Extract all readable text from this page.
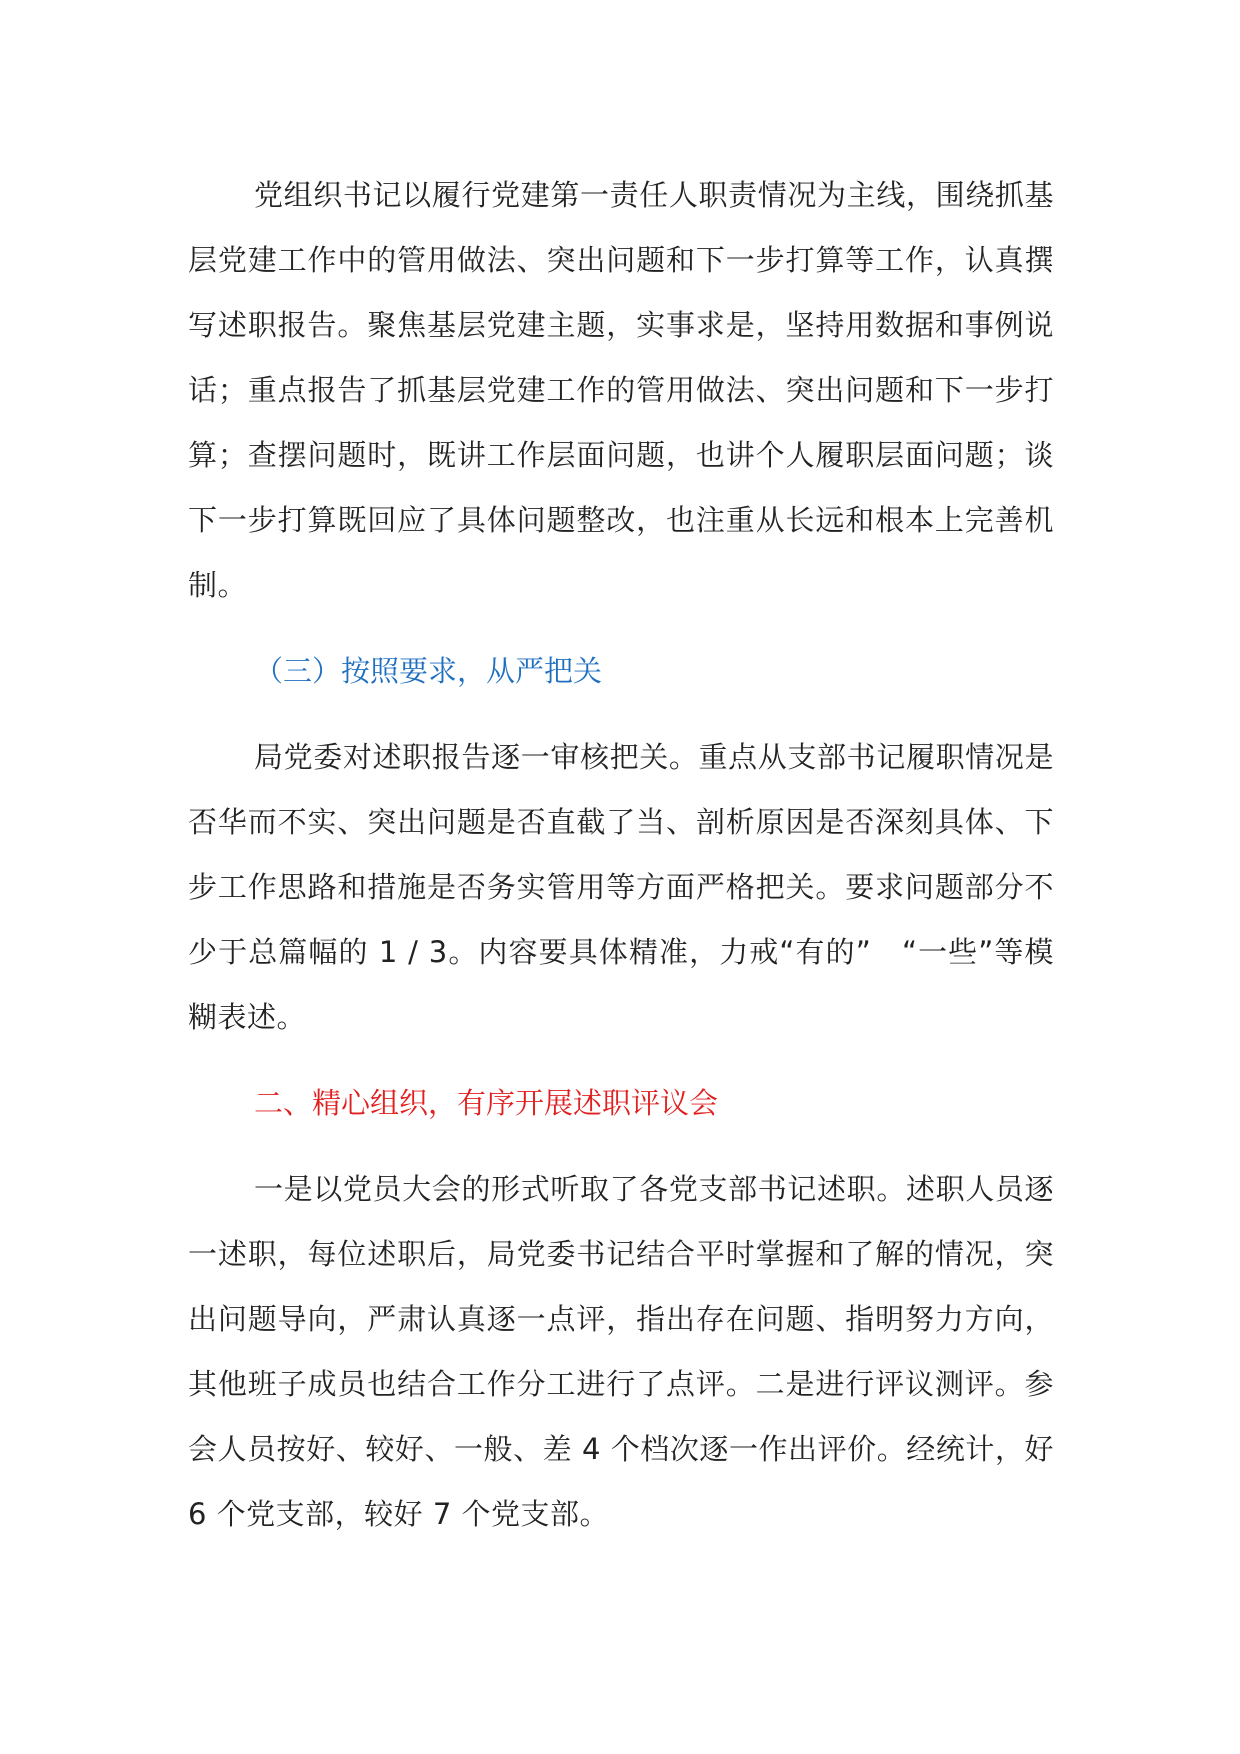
党组织书记以履行党建第一责任人职责情况为主线，围绕抓基层党建工作中的管用做法、突出问题和下一步打算等工作，认真撰写述职报告。聚焦基层党建主题，实事求是，坚持用数据和事例说话；重点报告了抓基层党建工作的管用做法、突出问题和下一步打算；查摆问题时，既讲工作层面问题，也讲个人履职层面问题；谈下一步打算既回应了具体问题整改，也注重从长远和根本上完善机制。

（三）按照要求，从严把关

局党委对述职报告逐一审核把关。重点从支部书记履职情况是否华而不实、突出问题是否直截了当、剖析原因是否深刻具体、下步工作思路和措施是否务实管用等方面严格把关。要求问题部分不少于总篇幅的 1 / 3。内容要具体精准，力戒“有的”　“一些”等模糊表述。

二、精心组织，有序开展述职评议会

一是以党员大会的形式听取了各党支部书记述职。述职人员逐一述职，每位述职后，局党委书记结合平时掌握和了解的情况，突出问题导向，严肃认真逐一点评，指出存在问题、指明努力方向，其他班子成员也结合工作分工进行了点评。二是进行评议测评。参会人员按好、较好、一般、差 4 个档次逐一作出评价。经统计，好 6 个党支部，较好 7 个党支部。
